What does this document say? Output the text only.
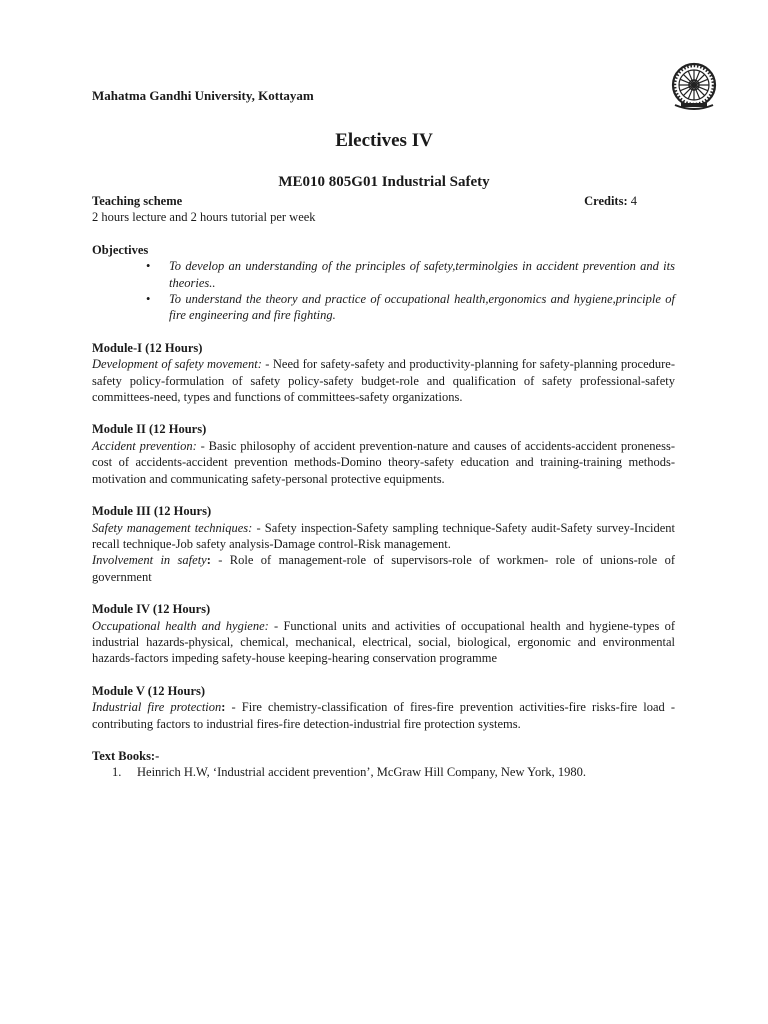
Mahatma Gandhi University, Kottayam
Electives IV
ME010 805G01 Industrial Safety
Teaching scheme	Credits: 4
2 hours lecture and 2 hours tutorial per week
Objectives
• To develop an understanding of the principles of safety,terminolgies in accident prevention and its theories..
• To understand the theory and practice of occupational health,ergonomics and hygiene,principle of fire engineering and fire fighting.
Module-I (12 Hours)
Development of safety movement: - Need for safety-safety and productivity-planning for safety-planning procedure-safety policy-formulation of safety policy-safety budget-role and qualification of safety professional-safety committees-need, types and functions of committees-safety organizations.
Module II (12 Hours)
Accident prevention: - Basic philosophy of accident prevention-nature and causes of accidents-accident proneness-cost of accidents-accident prevention methods-Domino theory-safety education and training-training methods-motivation and communicating safety-personal protective equipments.
Module III (12 Hours)
Safety management techniques: - Safety inspection-Safety sampling technique-Safety audit-Safety survey-Incident recall technique-Job safety analysis-Damage control-Risk management.
Involvement in safety: - Role of management-role of supervisors-role of workmen- role of unions-role of government
Module IV (12 Hours)
Occupational health and hygiene: - Functional units and activities of occupational health and hygiene-types of industrial hazards-physical, chemical, mechanical, electrical, social, biological, ergonomic and environmental hazards-factors impeding safety-house keeping-hearing conservation programme
Module V (12 Hours)
Industrial fire protection: - Fire chemistry-classification of fires-fire prevention activities-fire risks-fire load -contributing factors to industrial fires-fire detection-industrial fire protection systems.
Text Books:-
1. Heinrich H.W, ‘Industrial accident prevention’, McGraw Hill Company, New York, 1980.
